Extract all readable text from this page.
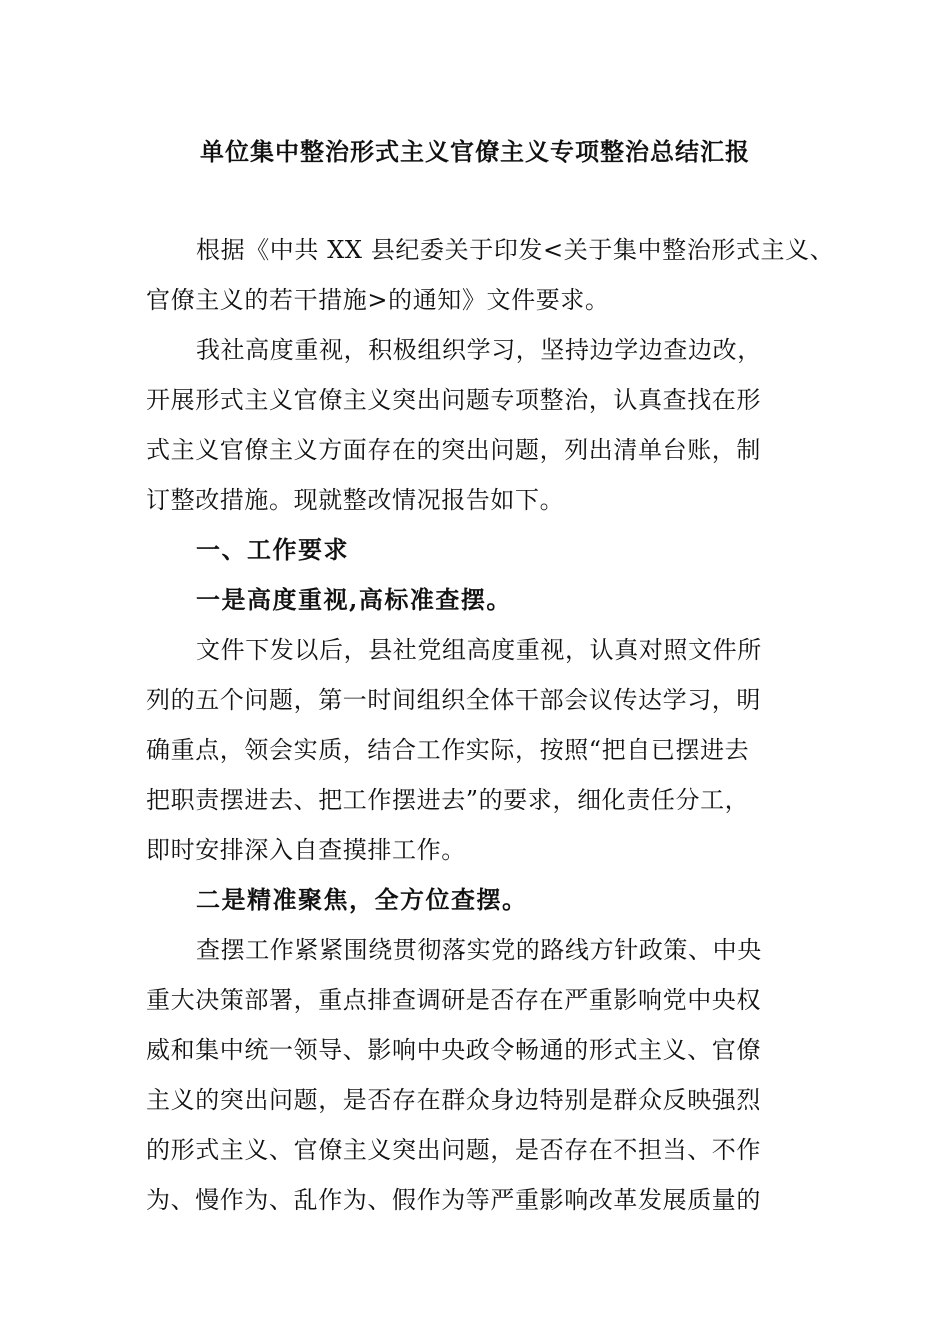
单位集中整治形式主义官僚主义专项整治总结汇报
根据《中共 XX 县纪委关于印发<关于集中整治形式主义、
官僚主义的若干措施>的通知》文件要求。
我社高度重视，积极组织学习，坚持边学边查边改，
开展形式主义官僚主义突出问题专项整治，认真查找在形
式主义官僚主义方面存在的突出问题，列出清单台账，制
订整改措施。现就整改情况报告如下。
一、工作要求
一是高度重视,高标准查摆。
文件下发以后，县社党组高度重视，认真对照文件所
列的五个问题，第一时间组织全体干部会议传达学习，明
确重点，领会实质，结合工作实际，按照“把自已摆进去
把职责摆进去、把工作摆进去”的要求，细化责任分工，
即时安排深入自查摸排工作。
二是精准聚焦，全方位查摆。
查摆工作紧紧围绕贯彻落实党的路线方针政策、中央
重大决策部署，重点排查调研是否存在严重影响党中央权
威和集中统一领导、影响中央政令畅通的形式主义、官僚
主义的突出问题，是否存在群众身边特别是群众反映强烈
的形式主义、官僚主义突出问题，是否存在不担当、不作
为、慢作为、乱作为、假作为等严重影响改革发展质量的
